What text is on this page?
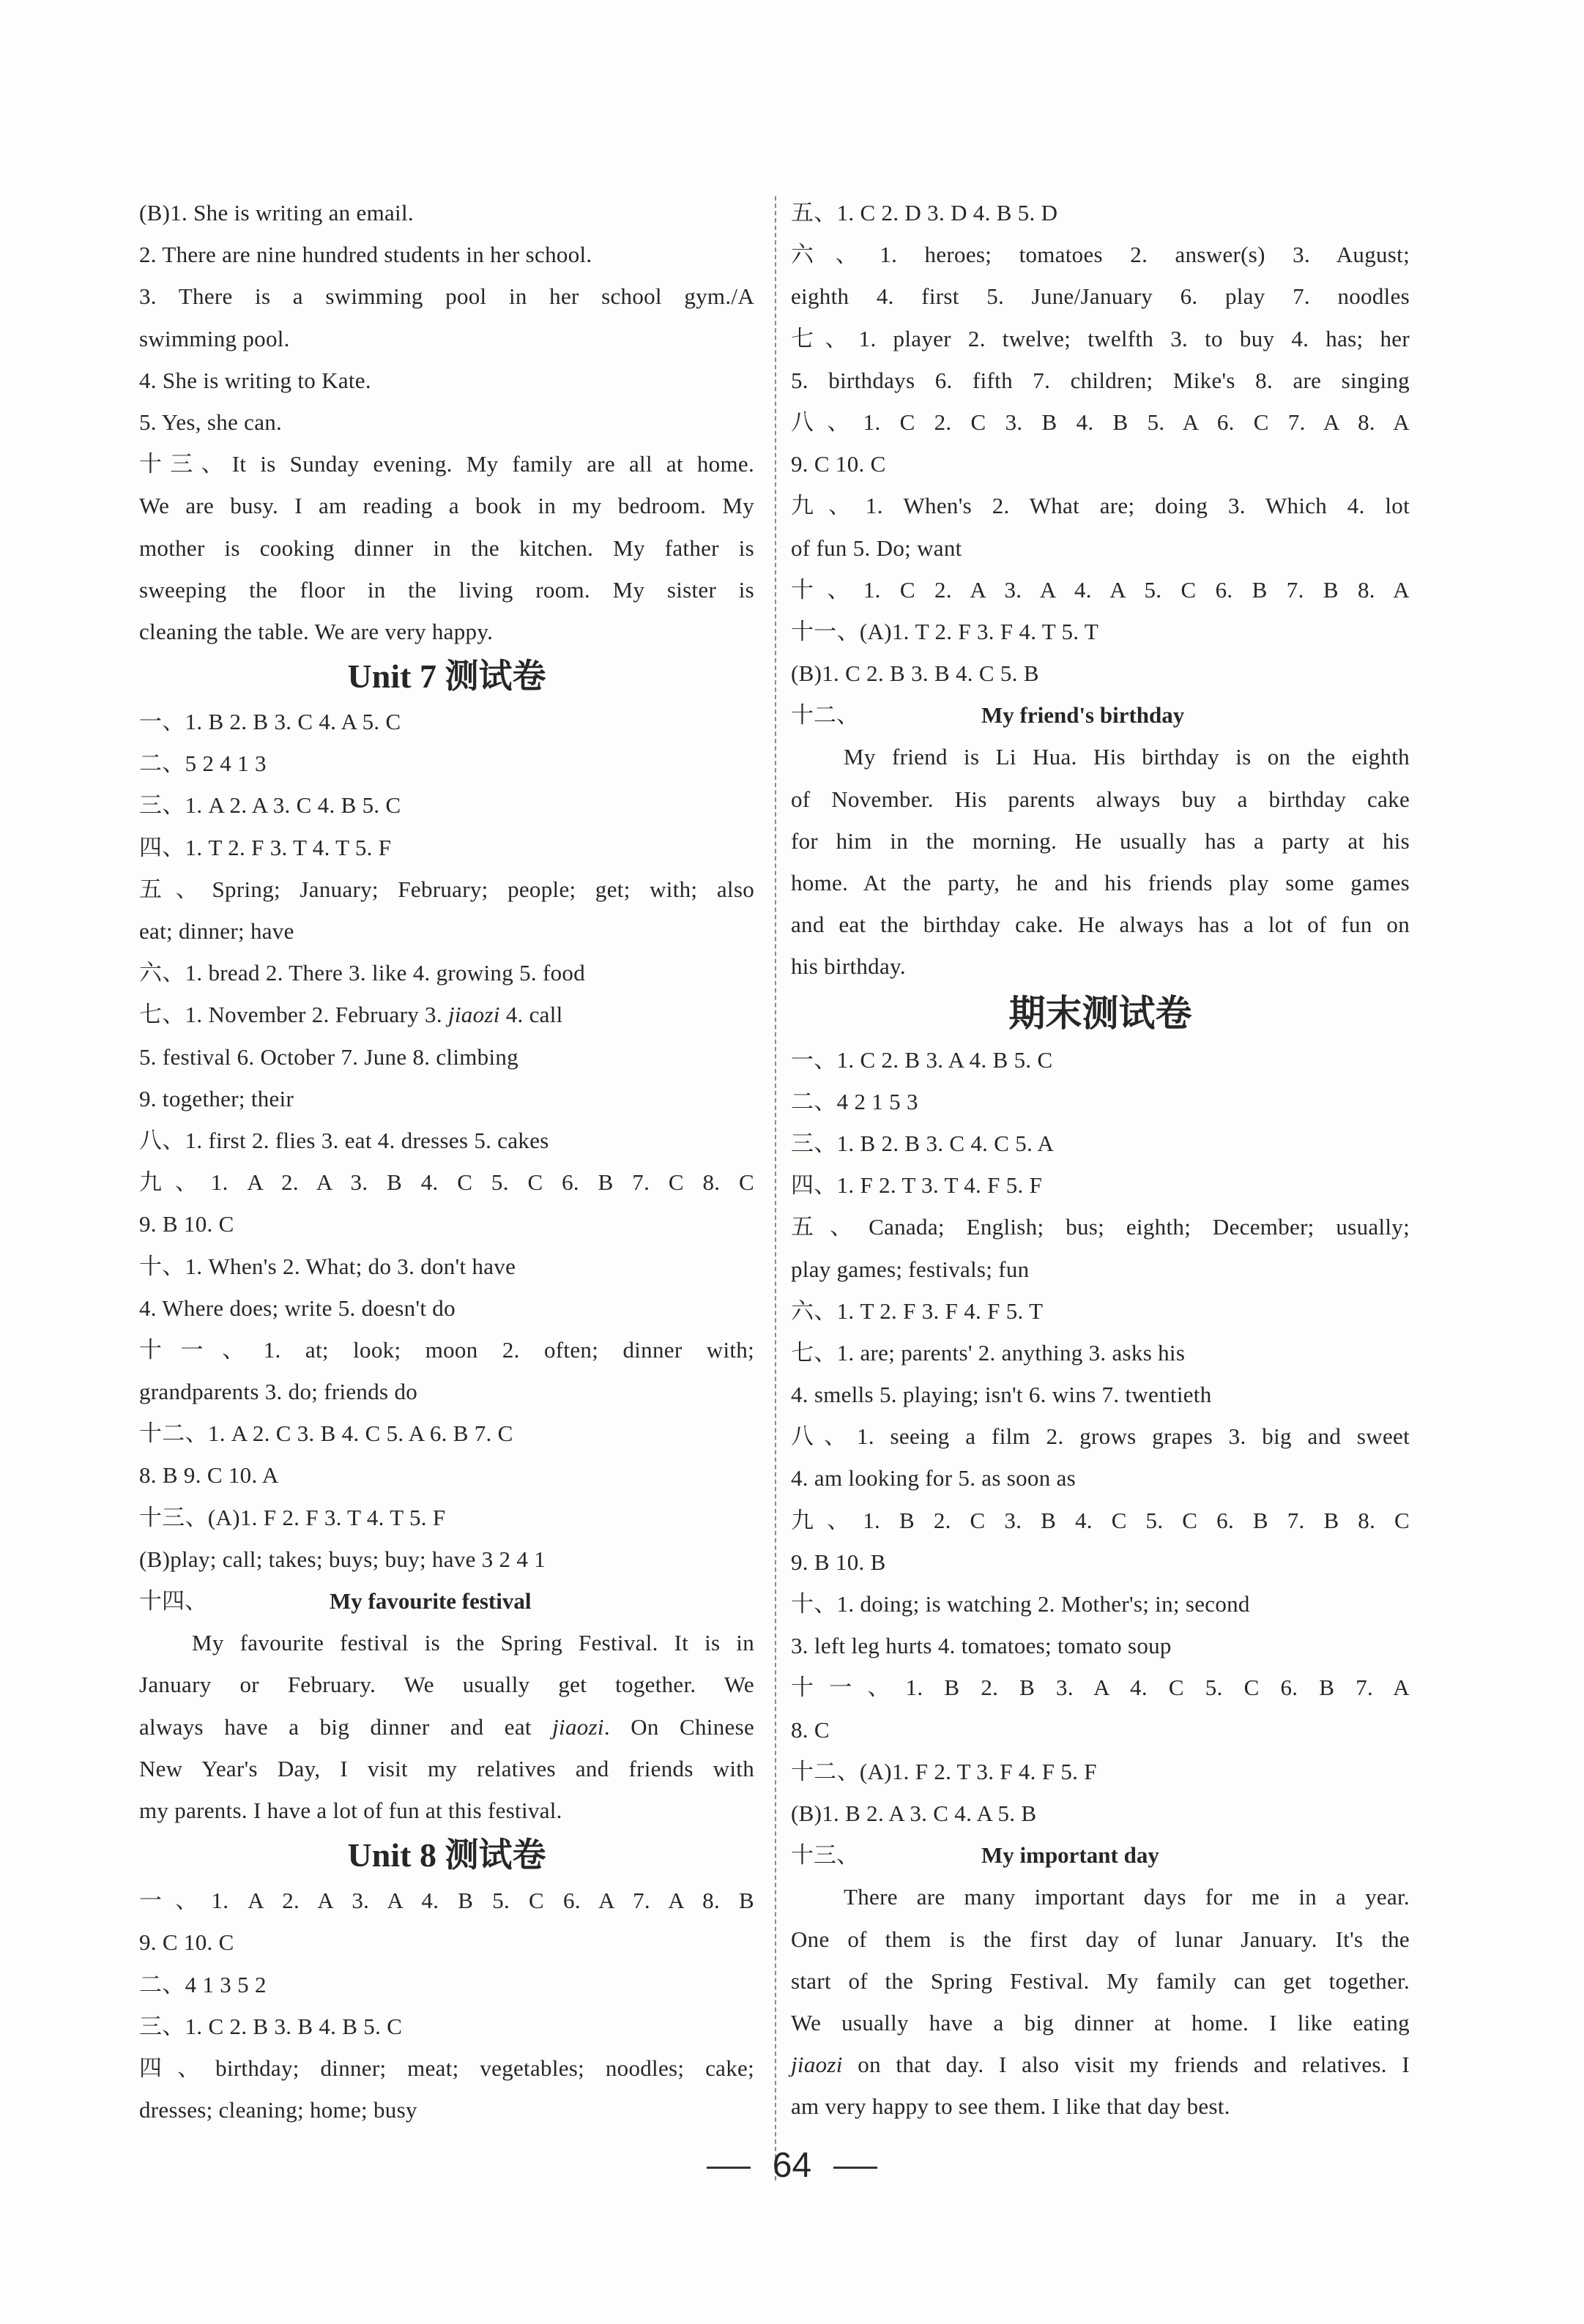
(B)1. She is writing an email.
2. There are nine hundred students in her school.
3. There is a swimming pool in her school gym./A
swimming pool.
4. She is writing to Kate.
5. Yes, she can.
十三、It is Sunday evening. My family are all at home.
We are busy. I am reading a book in my bedroom. My
mother is cooking dinner in the kitchen. My father is
sweeping the floor in the living room. My sister is
cleaning the table. We are very happy.
Unit 7 测试卷
一、1. B 2. B 3. C 4. A 5. C
二、5 2 4 1 3
三、1. A 2. A 3. C 4. B 5. C
四、1. T 2. F 3. T 4. T 5. F
五、Spring; January; February; people; get; with; also
eat; dinner; have
六、1. bread 2. There 3. like 4. growing 5. food
七、1. November 2. February 3. jiaozi 4. call
5. festival 6. October 7. June 8. climbing
9. together; their
八、1. first 2. flies 3. eat 4. dresses 5. cakes
九、1. A 2. A 3. B 4. C 5. C 6. B 7. C 8. C
9. B 10. C
十、1. When's 2. What; do 3. don't have
4. Where does; write 5. doesn't do
十一、1. at; look; moon 2. often; dinner with;
grandparents 3. do; friends do
十二、1. A 2. C 3. B 4. C 5. A 6. B 7. C
8. B 9. C 10. A
十三、(A)1. F 2. F 3. T 4. T 5. F
(B)play; call; takes; buys; buy; have 3 2 4 1
十四、	My favourite festival
My favourite festival is the Spring Festival. It is in
January or February. We usually get together. We
always have a big dinner and eat jiaozi. On Chinese
New Year's Day, I visit my relatives and friends with
my parents. I have a lot of fun at this festival.
Unit 8 测试卷
一、1. A 2. A 3. A 4. B 5. C 6. A 7. A 8. B
9. C 10. C
二、4 1 3 5 2
三、1. C 2. B 3. B 4. B 5. C
四、birthday; dinner; meat; vegetables; noodles; cake;
dresses; cleaning; home; busy
五、1. C 2. D 3. D 4. B 5. D
六、1. heroes; tomatoes 2. answer(s) 3. August;
eighth 4. first 5. June/January 6. play 7. noodles
七、1. player 2. twelve; twelfth 3. to buy 4. has; her
5. birthdays 6. fifth 7. children; Mike's 8. are singing
八、1. C 2. C 3. B 4. B 5. A 6. C 7. A 8. A
9. C 10. C
九、1. When's 2. What are; doing 3. Which 4. lot
of fun 5. Do; want
十、1. C 2. A 3. A 4. A 5. C 6. B 7. B 8. A
十一、(A)1. T 2. F 3. F 4. T 5. T
(B)1. C 2. B 3. B 4. C 5. B
十二、	My friend's birthday
My friend is Li Hua. His birthday is on the eighth
of November. His parents always buy a birthday cake
for him in the morning. He usually has a party at his
home. At the party, he and his friends play some games
and eat the birthday cake. He always has a lot of fun on
his birthday.
期末测试卷
一、1. C 2. B 3. A 4. B 5. C
二、4 2 1 5 3
三、1. B 2. B 3. C 4. C 5. A
四、1. F 2. T 3. T 4. F 5. F
五、Canada; English; bus; eighth; December; usually;
play games; festivals; fun
六、1. T 2. F 3. F 4. F 5. T
七、1. are; parents' 2. anything 3. asks his
4. smells 5. playing; isn't 6. wins 7. twentieth
八、1. seeing a film 2. grows grapes 3. big and sweet
4. am looking for 5. as soon as
九、1. B 2. C 3. B 4. C 5. C 6. B 7. B 8. C
9. B 10. B
十、1. doing; is watching 2. Mother's; in; second
3. left leg hurts 4. tomatoes; tomato soup
十一、1. B 2. B 3. A 4. C 5. C 6. B 7. A
8. C
十二、(A)1. F 2. T 3. F 4. F 5. F
(B)1. B 2. A 3. C 4. A 5. B
十三、	My important day
There are many important days for me in a year.
One of them is the first day of lunar January. It's the
start of the Spring Festival. My family can get together.
We usually have a big dinner at home. I like eating
jiaozi on that day. I also visit my friends and relatives. I
am very happy to see them. I like that day best.
64
